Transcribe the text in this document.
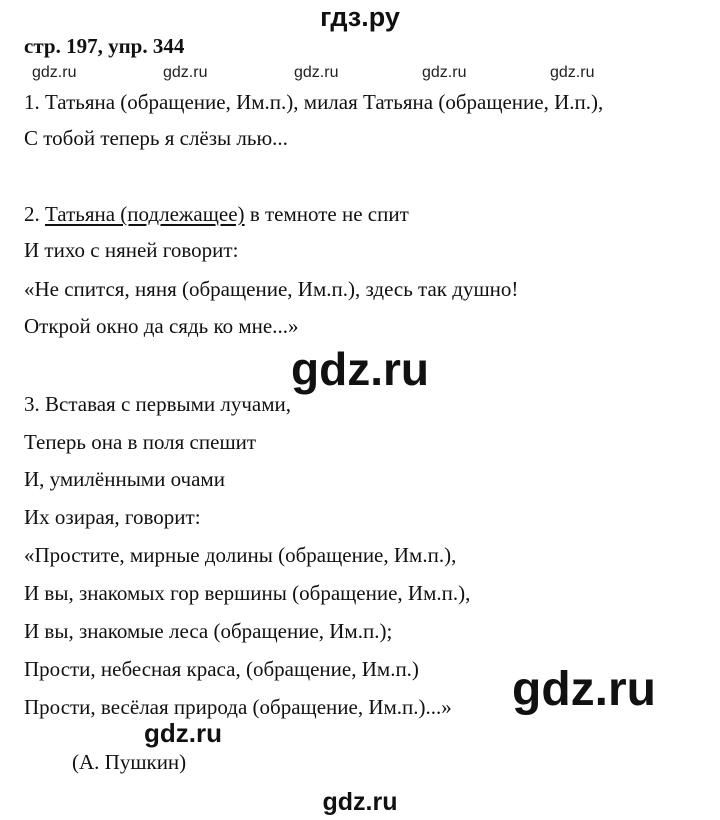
гдз.ру
стр. 197, упр. 344
gdz.ru	gdz.ru	gdz.ru	gdz.ru	gdz.ru
1. Татьяна (обращение, Им.п.), милая Татьяна (обращение, И.п.),
С тобой теперь я слёзы лью...
2. Татьяна (подлежащее) в темноте не спит
И тихо с няней говорит:
«Не спится, няня (обращение, Им.п.), здесь так душно!
Открой окно да сядь ко мне...»
gdz.ru
3. Вставая с первыми лучами,
Теперь она в поля спешит
И, умилёнными очами
Их озирая, говорит:
«Простите, мирные долины (обращение, Им.п.),
И вы, знакомых гор вершины (обращение, Им.п.),
И вы, знакомые леса (обращение, Им.п.);
Прости, небесная краса, (обращение, Им.п.)
Прости, весёлая природа (обращение, Им.п.)...» gdz.ru
gdz.ru
(А. Пушкин)
gdz.ru
